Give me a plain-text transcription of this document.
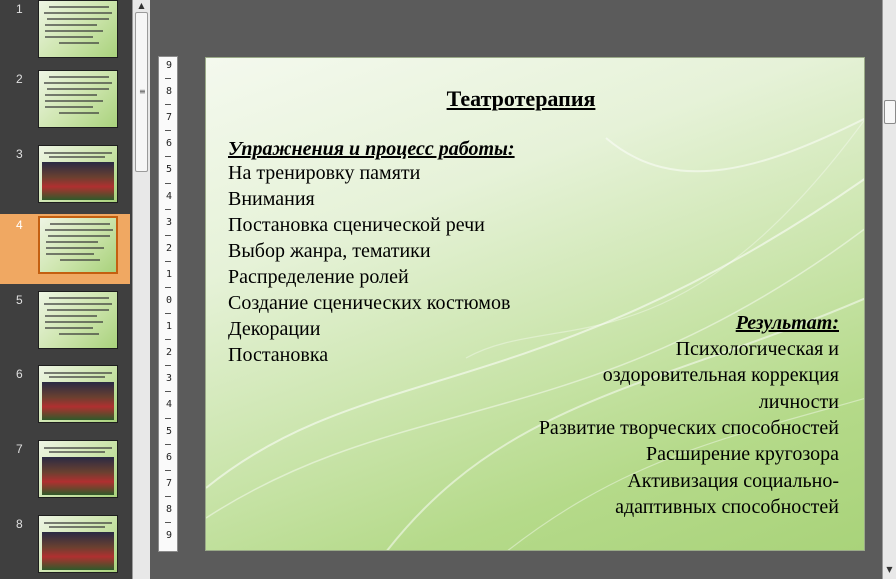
1
2
3
4
5
6
7
8
▲
≡
9
8
7
6
5
4
3
2
1
0
1
2
3
4
5
6
7
8
9
Театротерапия
Упражнения и процесс работы:
На тренировку памяти
Внимания
Постановка сценической речи
Выбор жанра, тематики
Распределение ролей
Создание сценических костюмов
Декорации
Постановка
Результат:
Психологическая и
оздоровительная коррекция
личности
Развитие творческих способностей
Расширение кругозора
Активизация социально-
адаптивных способностей
▼
